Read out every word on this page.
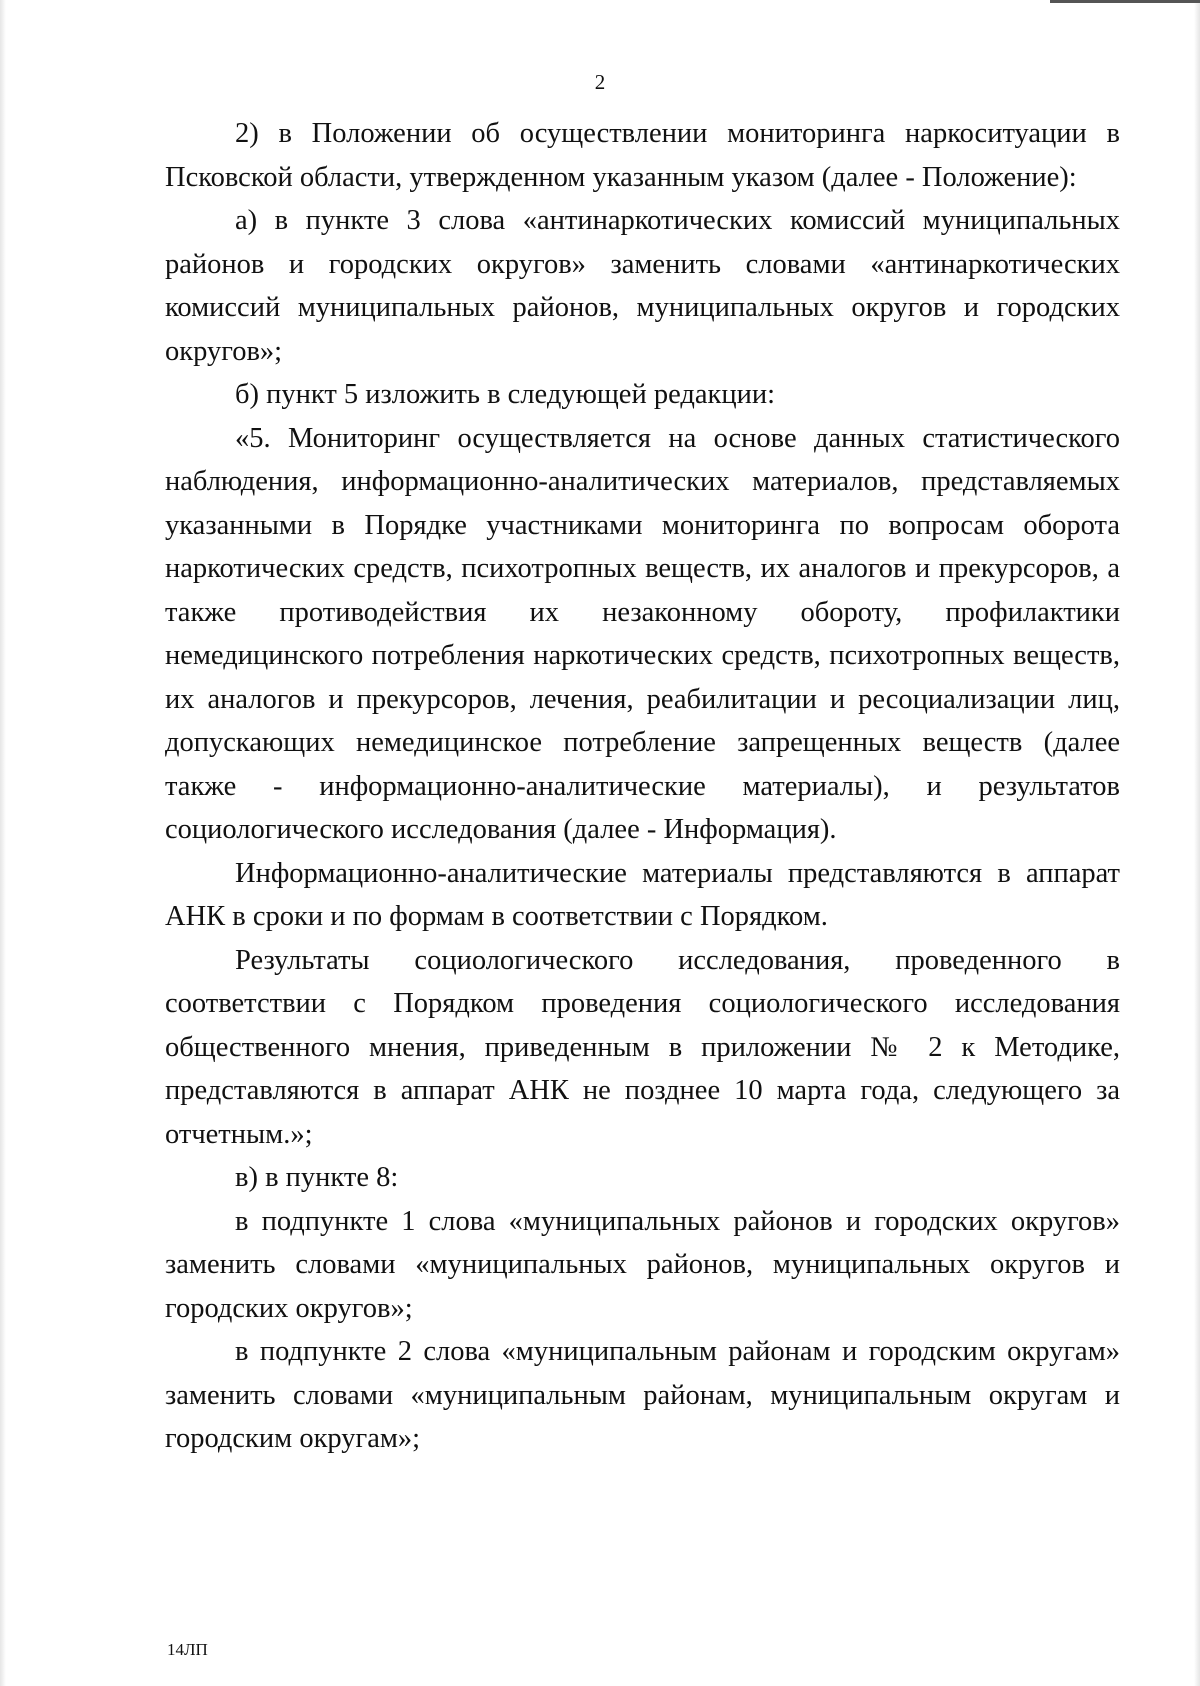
2

2) в Положении об осуществлении мониторинга наркоситуации в Псковской области, утвержденном указанным указом (далее - Положение):

а) в пункте 3 слова «антинаркотических комиссий муниципальных районов и городских округов» заменить словами «антинаркотических комиссий муниципальных районов, муниципальных округов и городских округов»;

б) пункт 5 изложить в следующей редакции:

«5. Мониторинг осуществляется на основе данных статистического наблюдения, информационно-аналитических материалов, представляемых указанными в Порядке участниками мониторинга по вопросам оборота наркотических средств, психотропных веществ, их аналогов и прекурсоров, а также противодействия их незаконному обороту, профилактики немедицинского потребления наркотических средств, психотропных веществ, их аналогов и прекурсоров, лечения, реабилитации и ресоциализации лиц, допускающих немедицинское потребление запрещенных веществ (далее также - информационно-аналитические материалы), и результатов социологического исследования (далее - Информация).

Информационно-аналитические материалы представляются в аппарат АНК в сроки и по формам в соответствии с Порядком.

Результаты социологического исследования, проведенного в соответствии с Порядком проведения социологического исследования общественного мнения, приведенным в приложении № 2 к Методике, представляются в аппарат АНК не позднее 10 марта года, следующего за отчетным.»;

в) в пункте 8:

в подпункте 1 слова «муниципальных районов и городских округов» заменить словами «муниципальных районов, муниципальных округов и городских округов»;

в подпункте 2 слова «муниципальным районам и городским округам» заменить словами «муниципальным районам, муниципальным округам и городским округам»;

14ЛП
